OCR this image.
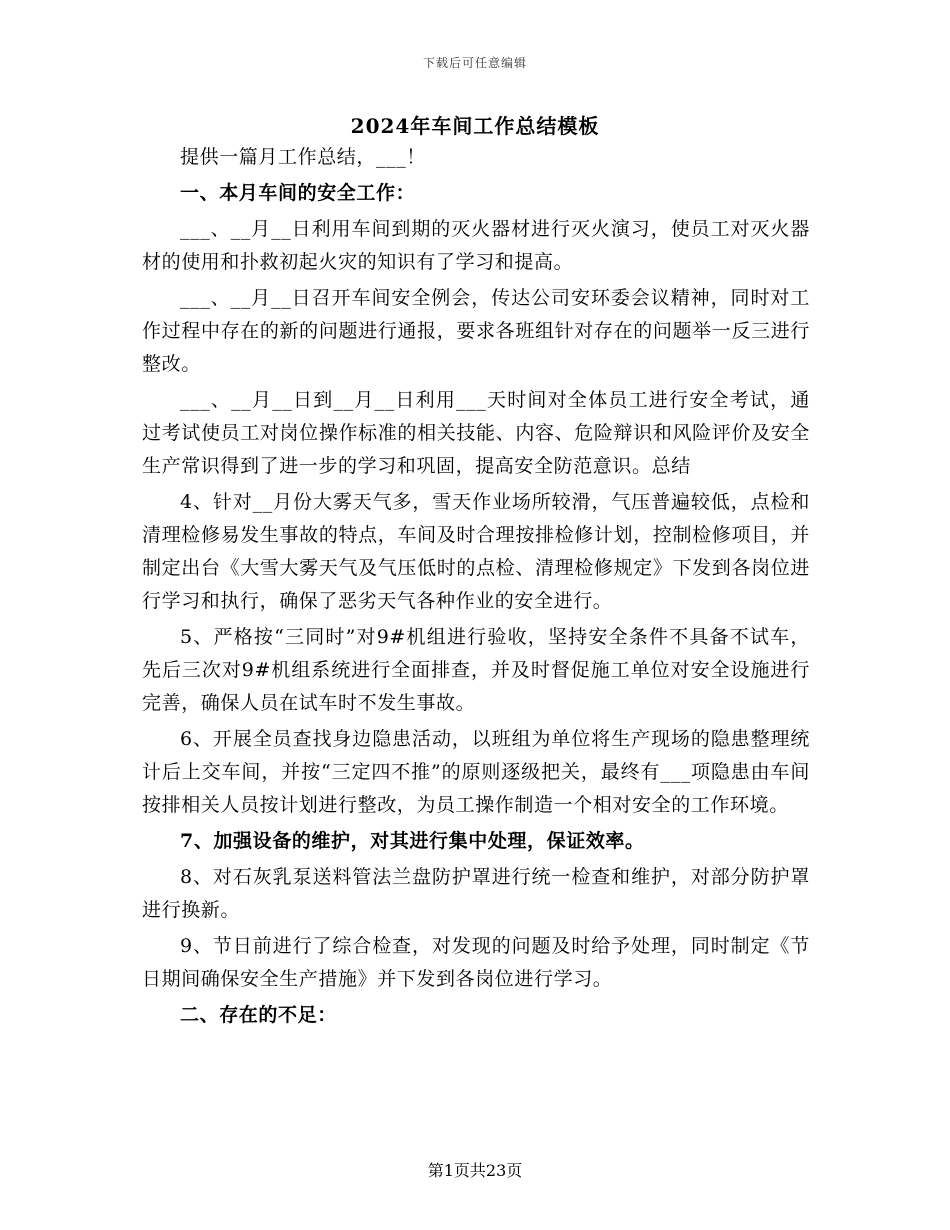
下载后可任意编辑
2024年车间工作总结模板

提供一篇月工作总结，___！

一、本月车间的安全工作：

___、__月__日利用车间到期的灭火器材进行灭火演习，使员工对灭火器材的使用和扑救初起火灾的知识有了学习和提高。

___、__月__日召开车间安全例会，传达公司安环委会议精神，同时对工作过程中存在的新的问题进行通报，要求各班组针对存在的问题举一反三进行整改。

___、__月__日到__月__日利用___天时间对全体员工进行安全考试，通过考试使员工对岗位操作标准的相关技能、内容、危险辩识和风险评价及安全生产常识得到了进一步的学习和巩固，提高安全防范意识。总结

4、针对__月份大雾天气多，雪天作业场所较滑，气压普遍较低，点检和清理检修易发生事故的特点，车间及时合理按排检修计划，控制检修项目，并制定出台《大雪大雾天气及气压低时的点检、清理检修规定》下发到各岗位进行学习和执行，确保了恶劣天气各种作业的安全进行。

5、严格按“三同时”对9#机组进行验收，坚持安全条件不具备不试车，先后三次对9#机组系统进行全面排查，并及时督促施工单位对安全设施进行完善，确保人员在试车时不发生事故。

6、开展全员查找身边隐患活动，以班组为单位将生产现场的隐患整理统计后上交车间，并按“三定四不推”的原则逐级把关，最终有___项隐患由车间按排相关人员按计划进行整改，为员工操作制造一个相对安全的工作环境。

7、加强设备的维护，对其进行集中处理，保证效率。

8、对石灰乳泵送料管法兰盘防护罩进行统一检查和维护，对部分防护罩进行换新。

9、节日前进行了综合检查，对发现的问题及时给予处理，同时制定《节日期间确保安全生产措施》并下发到各岗位进行学习。

二、存在的不足：

第1页共23页
